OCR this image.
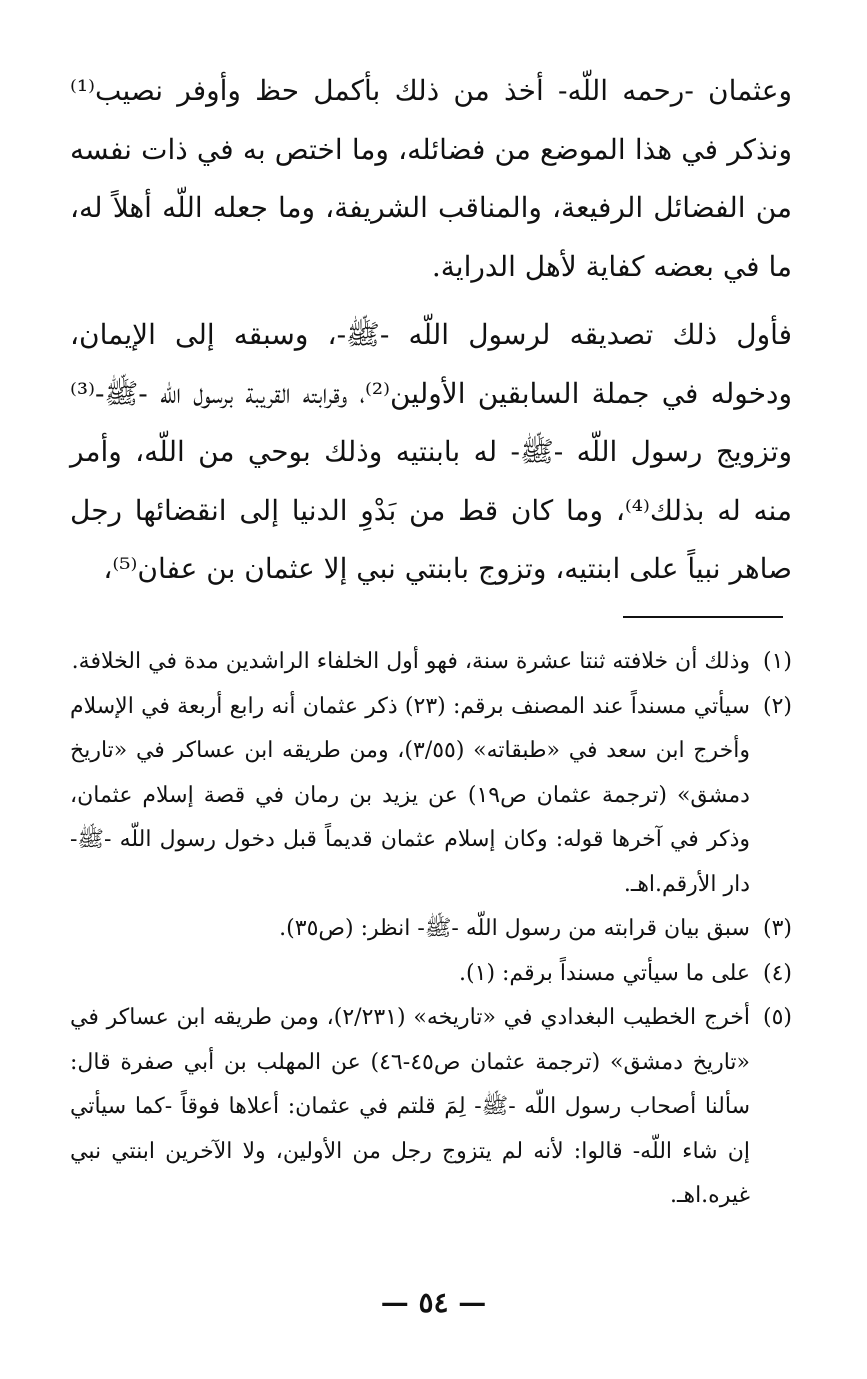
وعثمان -رحمه اللّه- أخذ من ذلك بأكمل حظ وأوفر نصيب⁽¹⁾ ونذكر في هذا الموضع من فضائله، وما اختص به في ذات نفسه من الفضائل الرفيعة، والمناقب الشريفة، وما جعله اللّه أهلاً له، ما في بعضه كفاية لأهل الدراية.

فأول ذلك تصديقه لرسول اللّه -ﷺ-، وسبقه إلى الإيمان، ودخوله في جملة السابقين الأولين⁽²⁾، وقرابته القريبة برسول اللّه -ﷺ-⁽³⁾ وتزويج رسول اللّه -ﷺ- له بابنتيه وذلك بوحي من اللّه، وأمر منه له بذلك⁽⁴⁾، وما كان قط من بَدْوِ الدنيا إلى انقضائها رجل صاهر نبياً على ابنتيه، وتزوج بابنتي نبي إلا عثمان بن عفان⁽⁵⁾،

(١)
وذلك أن خلافته ثنتا عشرة سنة، فهو أول الخلفاء الراشدين مدة في الخلافة.

(٢)
سيأتي مسنداً عند المصنف برقم: (٢٣) ذكر عثمان أنه رابع أربعة في الإسلام وأخرج ابن سعد في «طبقاته» (٣/٥٥)، ومن طريقه ابن عساكر في «تاريخ دمشق» (ترجمة عثمان ص١٩) عن يزيد بن رمان في قصة إسلام عثمان، وذكر في آخرها قوله: وكان إسلام عثمان قديماً قبل دخول رسول اللّه -ﷺ- دار الأرقم.اهـ.

(٣)
سبق بيان قرابته من رسول اللّه -ﷺ- انظر: (ص٣٥).

(٤)
على ما سيأتي مسنداً برقم: (١).

(٥)
أخرج الخطيب البغدادي في «تاريخه» (٢/٢٣١)، ومن طريقه ابن عساكر في «تاريخ دمشق» (ترجمة عثمان ص٤٥-٤٦) عن المهلب بن أبي صفرة قال: سألنا أصحاب رسول اللّه -ﷺ- لِمَ قلتم في عثمان: أعلاها فوقاً -كما سيأتي إن شاء اللّه- قالوا: لأنه لم يتزوج رجل من الأولين، ولا الآخرين ابنتي نبي غيره.اهـ.

— ٥٤ —
